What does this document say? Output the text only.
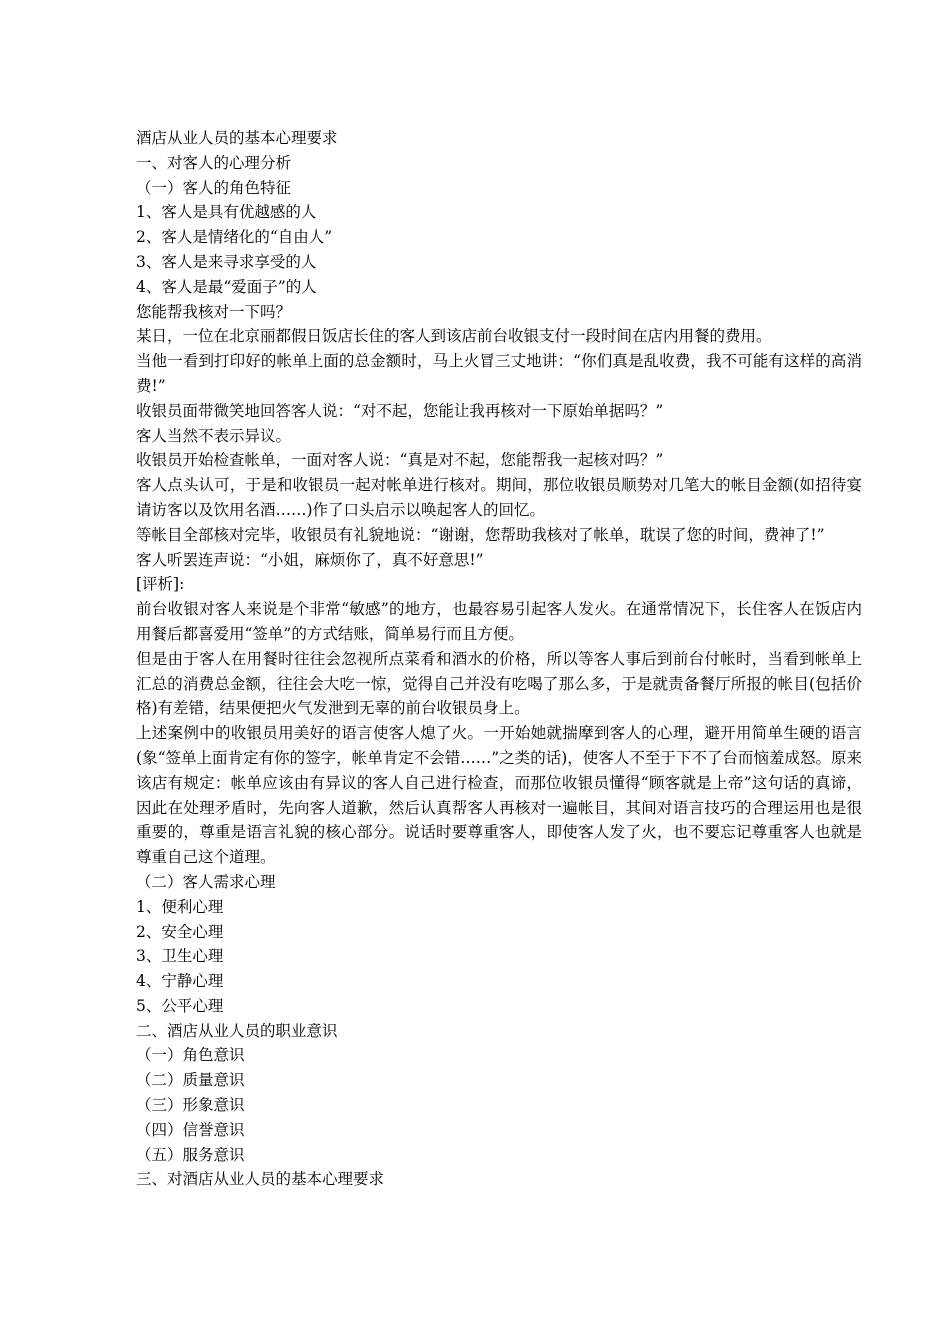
酒店从业人员的基本心理要求

一、对客人的心理分析

（一）客人的角色特征

1、客人是具有优越感的人

2、客人是情绪化的“自由人”

3、客人是来寻求享受的人

4、客人是最“爱面子”的人

您能帮我核对一下吗？

某日，一位在北京丽都假日饭店长住的客人到该店前台收银支付一段时间在店内用餐的费用。

当他一看到打印好的帐单上面的总金额时，马上火冒三丈地讲：“你们真是乱收费，我不可能有这样的高消费!”

收银员面带微笑地回答客人说：“对不起，您能让我再核对一下原始单据吗？”

客人当然不表示异议。

收银员开始检查帐单，一面对客人说：“真是对不起，您能帮我一起核对吗？”

客人点头认可，于是和收银员一起对帐单进行核对。期间，那位收银员顺势对几笔大的帐目金额(如招待宴请访客以及饮用名酒……)作了口头启示以唤起客人的回忆。

等帐目全部核对完毕，收银员有礼貌地说：“谢谢，您帮助我核对了帐单，耽误了您的时间，费神了!”

客人听罢连声说：“小姐，麻烦你了，真不好意思!”

[评析]:

前台收银对客人来说是个非常“敏感”的地方，也最容易引起客人发火。在通常情况下，长住客人在饭店内用餐后都喜爱用“签单”的方式结账，简单易行而且方便。

但是由于客人在用餐时往往会忽视所点菜肴和酒水的价格，所以等客人事后到前台付帐时，当看到帐单上汇总的消费总金额，往往会大吃一惊，觉得自己并没有吃喝了那么多，于是就责备餐厅所报的帐目(包括价格)有差错，结果便把火气发泄到无辜的前台收银员身上。

上述案例中的收银员用美好的语言使客人熄了火。一开始她就揣摩到客人的心理，避开用简单生硬的语言(象“签单上面肯定有你的签字，帐单肯定不会错……”之类的话)，使客人不至于下不了台而恼羞成怒。原来该店有规定：帐单应该由有异议的客人自己进行检查，而那位收银员懂得“顾客就是上帝”这句话的真谛，因此在处理矛盾时，先向客人道歉，然后认真帮客人再核对一遍帐目，其间对语言技巧的合理运用也是很重要的，尊重是语言礼貌的核心部分。说话时要尊重客人，即使客人发了火，也不要忘记尊重客人也就是尊重自己这个道理。

（二）客人需求心理

1、便利心理

2、安全心理

3、卫生心理

4、宁静心理

5、公平心理

二、酒店从业人员的职业意识

（一）角色意识

（二）质量意识

（三）形象意识

（四）信誉意识

（五）服务意识

三、对酒店从业人员的基本心理要求
